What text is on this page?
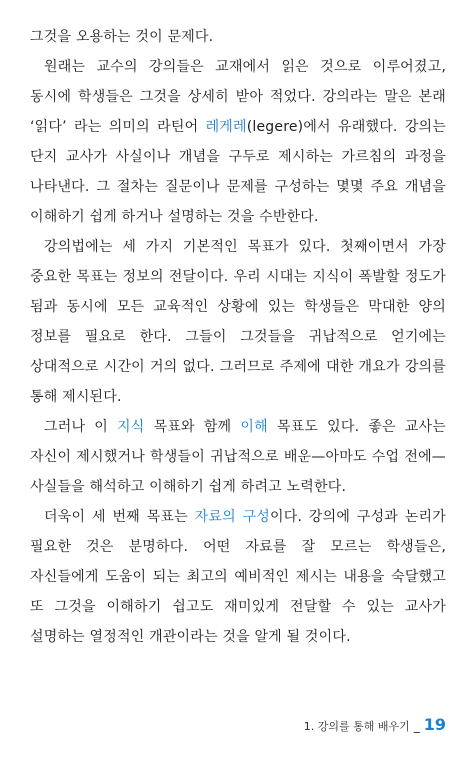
그것을 오용하는 것이 문제다.

원래는 교수의 강의들은 교재에서 읽은 것으로 이루어졌고, 동시에 학생들은 그것을 상세히 받아 적었다. 강의라는 말은 본래 ‘읽다’ 라는 의미의 라틴어 레게레(legere)에서 유래했다. 강의는 단지 교사가 사실이나 개념을 구두로 제시하는 가르침의 과정을 나타낸다. 그 절차는 질문이나 문제를 구성하는 몇몇 주요 개념을 이해하기 쉽게 하거나 설명하는 것을 수반한다.

강의법에는 세 가지 기본적인 목표가 있다. 첫째이면서 가장 중요한 목표는 정보의 전달이다. 우리 시대는 지식이 폭발할 정도가 됨과 동시에 모든 교육적인 상황에 있는 학생들은 막대한 양의 정보를 필요로 한다. 그들이 그것들을 귀납적으로 얻기에는 상대적으로 시간이 거의 없다. 그러므로 주제에 대한 개요가 강의를 통해 제시된다.

그러나 이 지식 목표와 함께 이해 목표도 있다. 좋은 교사는 자신이 제시했거나 학생들이 귀납적으로 배운—아마도 수업 전에—사실들을 해석하고 이해하기 쉽게 하려고 노력한다.

더욱이 세 번째 목표는 자료의 구성이다. 강의에 구성과 논리가 필요한 것은 분명하다. 어떤 자료를 잘 모르는 학생들은, 자신들에게 도움이 되는 최고의 예비적인 제시는 내용을 숙달했고 또 그것을 이해하기 쉽고도 재미있게 전달할 수 있는 교사가 설명하는 열정적인 개관이라는 것을 알게 될 것이다.

1. 강의를 통해 배우기 _ 19
